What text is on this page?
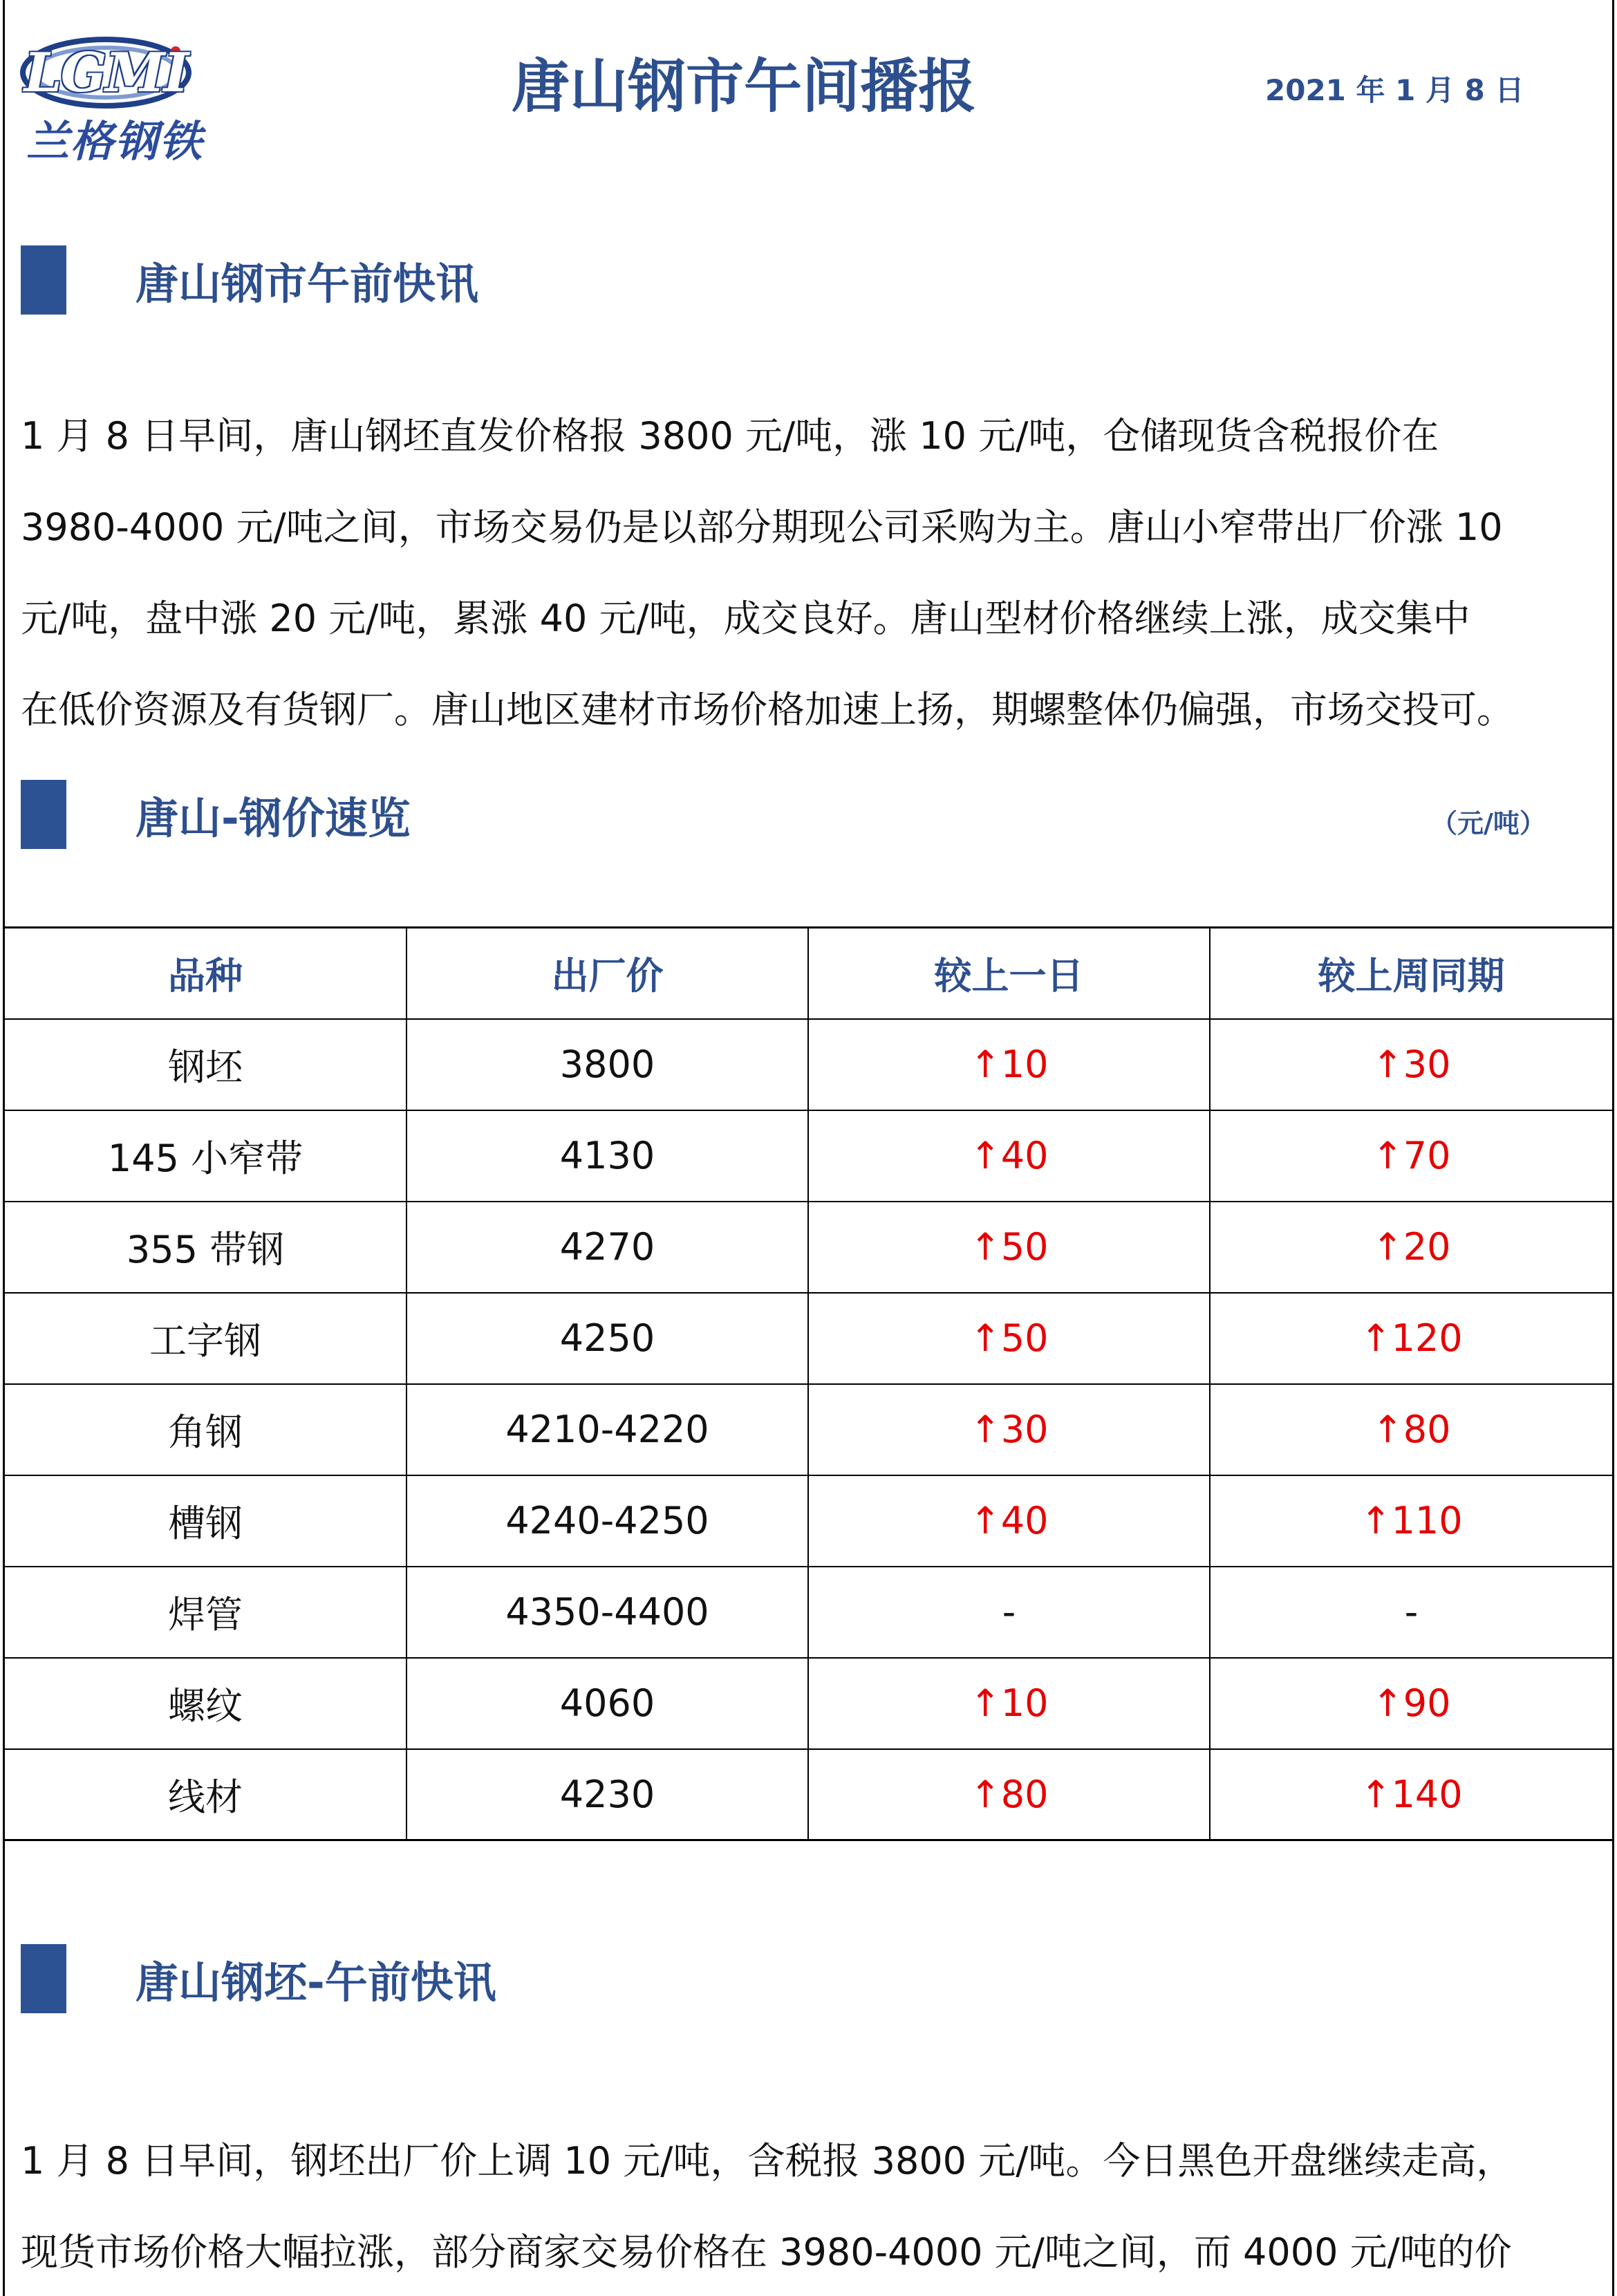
LGMI
兰格钢铁
唐山钢市午间播报	2021 年 1 月 8 日
唐山钢市午前快讯
1 月 8 日早间，唐山钢坯直发价格报 3800 元/吨，涨 10 元/吨，仓储现货含税报价在
3980-4000 元/吨之间，市场交易仍是以部分期现公司采购为主。唐山小窄带出厂价涨 10
元/吨，盘中涨 20 元/吨，累涨 40 元/吨，成交良好。唐山型材价格继续上涨，成交集中
在低价资源及有货钢厂。唐山地区建材市场价格加速上扬，期螺整体仍偏强，市场交投可。
唐山-钢价速览	（元/吨）
品种	出厂价	较上一日	较上周同期
钢坯	3800	↑10	↑30
145 小窄带	4130	↑40	↑70
355 带钢	4270	↑50	↑20
工字钢	4250	↑50	↑120
角钢	4210-4220	↑30	↑80
槽钢	4240-4250	↑40	↑110
焊管	4350-4400	-	-
螺纹	4060	↑10	↑90
线材	4230	↑80	↑140
唐山钢坯-午前快讯
1 月 8 日早间，钢坯出厂价上调 10 元/吨，含税报 3800 元/吨。今日黑色开盘继续走高，
现货市场价格大幅拉涨，部分商家交易价格在 3980-4000 元/吨之间，而 4000 元/吨的价
